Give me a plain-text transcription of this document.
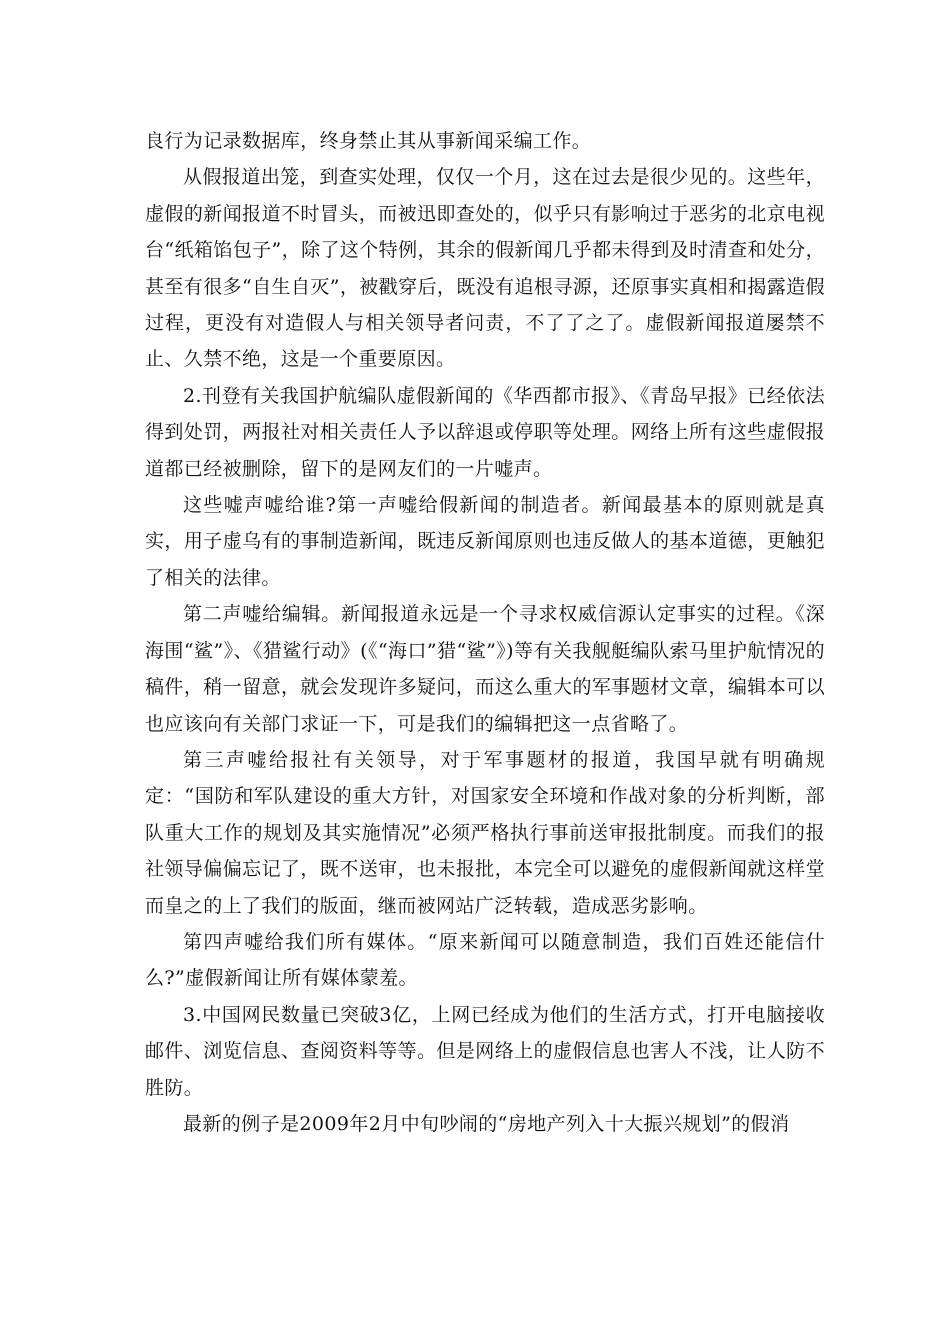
良行为记录数据库，终身禁止其从事新闻采编工作。

从假报道出笼，到查实处理，仅仅一个月，这在过去是很少见的。这些年，虚假的新闻报道不时冒头，而被迅即查处的，似乎只有影响过于恶劣的北京电视台“纸箱馅包子”，除了这个特例，其余的假新闻几乎都未得到及时清查和处分，甚至有很多“自生自灭”，被戳穿后，既没有追根寻源，还原事实真相和揭露造假过程，更没有对造假人与相关领导者问责，不了了之了。虚假新闻报道屡禁不止、久禁不绝，这是一个重要原因。

2.刊登有关我国护航编队虚假新闻的《华西都市报》、《青岛早报》已经依法得到处罚，两报社对相关责任人予以辞退或停职等处理。网络上所有这些虚假报道都已经被删除，留下的是网友们的一片嘘声。

这些嘘声嘘给谁?第一声嘘给假新闻的制造者。新闻最基本的原则就是真实，用子虚乌有的事制造新闻，既违反新闻原则也违反做人的基本道德，更触犯了相关的法律。

第二声嘘给编辑。新闻报道永远是一个寻求权威信源认定事实的过程。《深海围“鲨”》、《猎鲨行动》(《“海口”猎“鲨”》)等有关我舰艇编队索马里护航情况的稿件，稍一留意，就会发现许多疑问，而这么重大的军事题材文章，编辑本可以也应该向有关部门求证一下，可是我们的编辑把这一点省略了。

第三声嘘给报社有关领导，对于军事题材的报道，我国早就有明确规定：“国防和军队建设的重大方针，对国家安全环境和作战对象的分析判断，部队重大工作的规划及其实施情况”必须严格执行事前送审报批制度。而我们的报社领导偏偏忘记了，既不送审，也未报批，本完全可以避免的虚假新闻就这样堂而皇之的上了我们的版面，继而被网站广泛转载，造成恶劣影响。

第四声嘘给我们所有媒体。“原来新闻可以随意制造，我们百姓还能信什么?”虚假新闻让所有媒体蒙羞。

3.中国网民数量已突破3亿，上网已经成为他们的生活方式，打开电脑接收邮件、浏览信息、查阅资料等等。但是网络上的虚假信息也害人不浅，让人防不胜防。

最新的例子是2009年2月中旬吵闹的“房地产列入十大振兴规划”的假消
